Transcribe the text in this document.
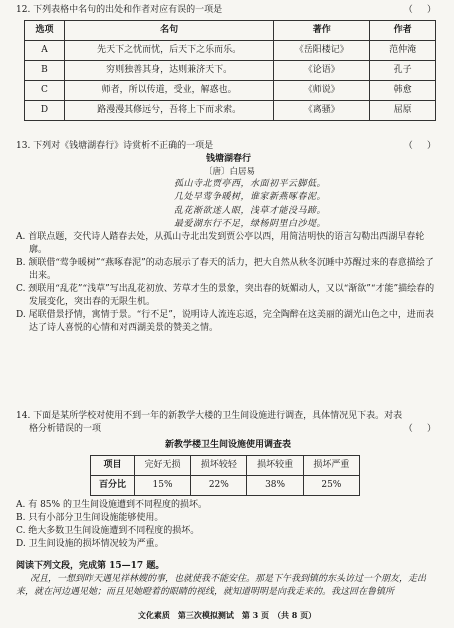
12. 下列表格中名句的出处和作者对应有误的一项是	（     ）
选项	名句	著作	作者
A	先天下之忧而忧，后天下之乐而乐。	《岳阳楼记》	范仲淹
B	穷则独善其身，达则兼济天下。	《论语》	孔子
C	师者，所以传道，受业，解惑也。	《师说》	韩愈
D	路漫漫其修远兮，吾将上下而求索。	《离骚》	屈原
13. 下列对《钱塘湖春行》诗赏析不正确的一项是	（     ）
钱塘湖春行
〔唐〕白居易
孤山寺北贾亭西，水面初平云脚低。
几处早莺争暖树，谁家新燕啄春泥。
乱花渐欲迷人眼，浅草才能没马蹄。
最爱湖东行不足，绿杨阴里白沙堤。
A. 首联点题，交代诗人踏春去处，从孤山寺北出发到贾公亭以西，用简洁明快的语言勾勒出西湖早春轮廓。
B. 颔联借“莺争暖树”“燕啄春泥”的动态展示了春天的活力，把大自然从秋冬沉睡中苏醒过来的春意描绘了出来。
C. 颈联用“乱花”“浅草”写出乱花初放、芳草才生的景象，突出春的妩媚动人，又以“渐欲”“才能”描绘春的发展变化，突出春的无限生机。
D. 尾联借景抒情，寓情于景。“行不足”，说明诗人流连忘返，完全陶醉在这美丽的湖光山色之中，进而表达了诗人喜悦的心情和对西湖美景的赞美之情。
14. 下面是某所学校对使用不到一年的新教学大楼的卫生间设施进行调查，具体情况见下表。对表
格分析错误的一项	（     ）
新教学楼卫生间设施使用调查表
项目	完好无损	损坏较轻	损坏较重	损坏严重
百分比	15%	22%	38%	25%
A. 有 85% 的卫生间设施遭到不同程度的损坏。
B. 只有小部分卫生间设施能够使用。
C. 绝大多数卫生间设施遭到不同程度的损坏。
D. 卫生间设施的损坏情况较为严重。
阅读下列文段，完成第 15—17 题。
况且，一想到昨天遇见祥林嫂的事，也就使我不能安住。那是下午我到镇的东头访过一个朋友，走出来，就在河边遇见她；而且见她瞪着的眼睛的视线，就知道明明是向我走来的。我这回在鲁镇所
文化素质　第三次模拟测试　第 3 页　（共 8 页）
